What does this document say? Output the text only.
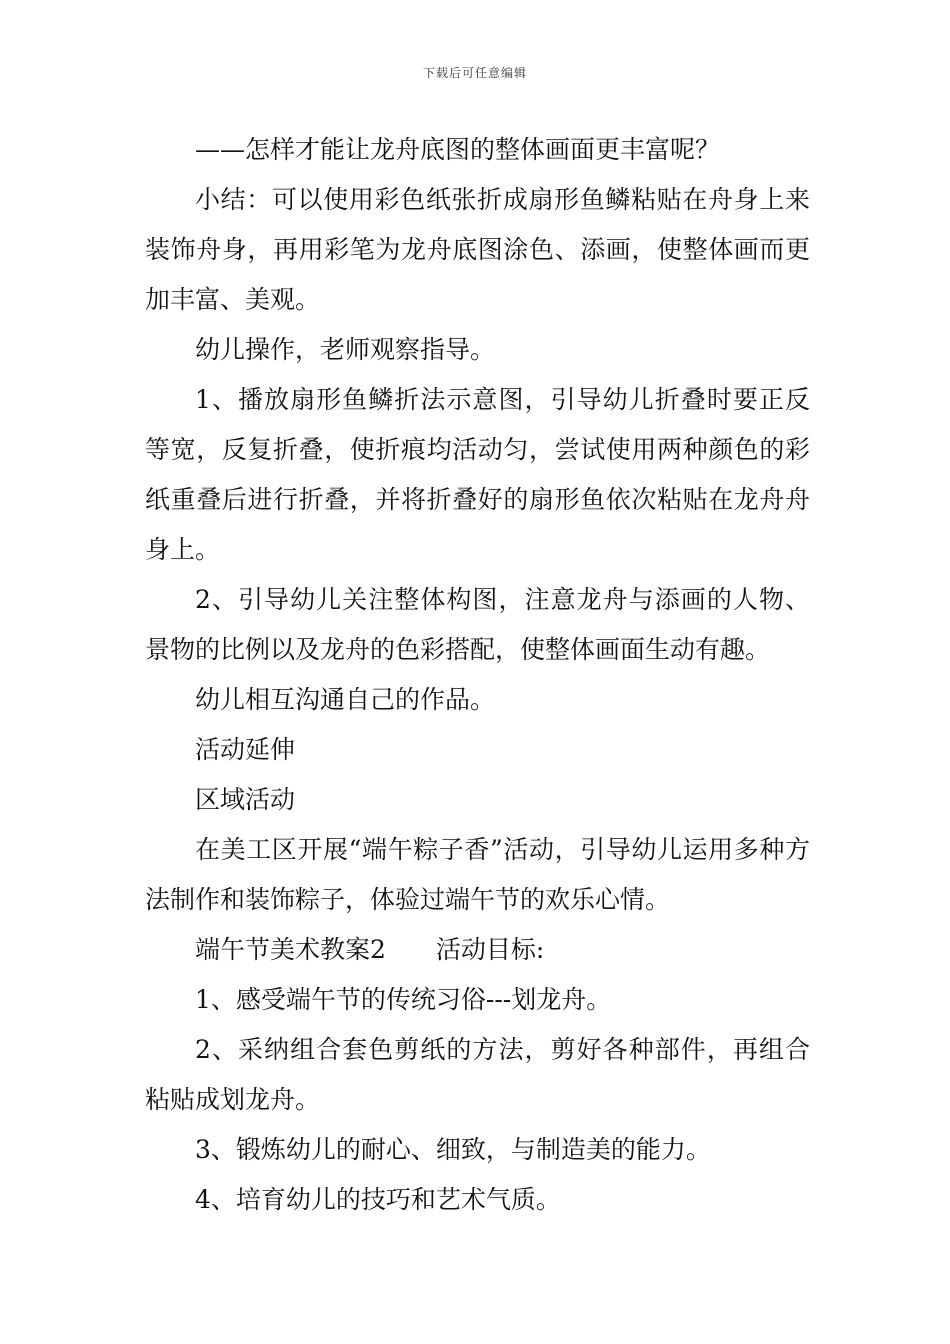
下载后可任意编辑

——怎样才能让龙舟底图的整体画面更丰富呢？

小结：可以使用彩色纸张折成扇形鱼鳞粘贴在舟身上来装饰舟身，再用彩笔为龙舟底图涂色、添画，使整体画而更加丰富、美观。

幼儿操作，老师观察指导。

1、播放扇形鱼鳞折法示意图，引导幼儿折叠时要正反等宽，反复折叠，使折痕均活动匀，尝试使用两种颜色的彩纸重叠后进行折叠，并将折叠好的扇形鱼依次粘贴在龙舟舟身上。

2、引导幼儿关注整体构图，注意龙舟与添画的人物、景物的比例以及龙舟的色彩搭配，使整体画面生动有趣。

幼儿相互沟通自己的作品。

活动延伸

区域活动

在美工区开展“端午粽子香”活动，引导幼儿运用多种方法制作和装饰粽子，体验过端午节的欢乐心情。

端午节美术教案2　　活动目标:

1、感受端午节的传统习俗---划龙舟。

2、采纳组合套色剪纸的方法，剪好各种部件，再组合粘贴成划龙舟。

3、锻炼幼儿的耐心、细致，与制造美的能力。

4、培育幼儿的技巧和艺术气质。
